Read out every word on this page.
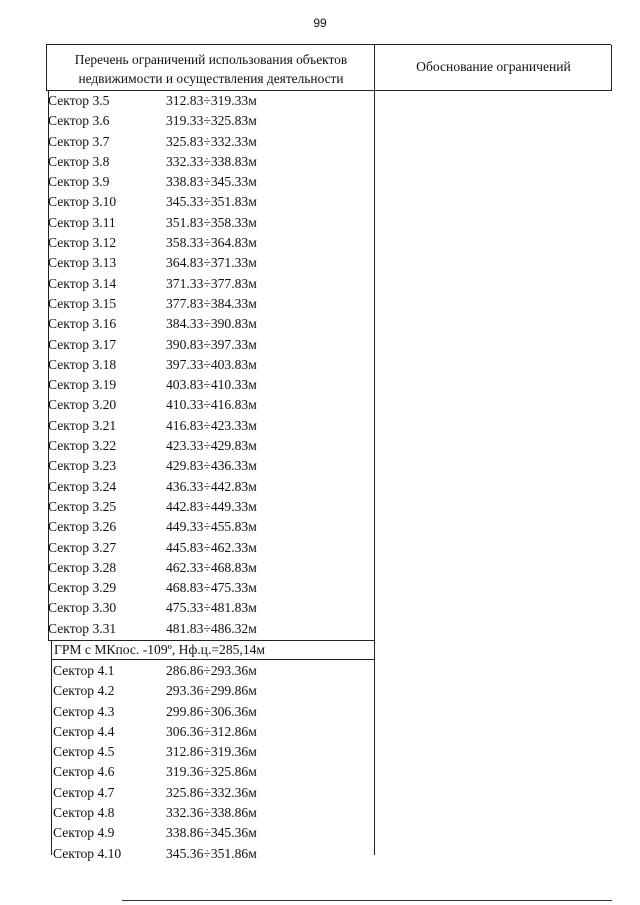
99
Перечень ограничений использования объектов
недвижимости и осуществления деятельности
Обоснование ограничений
Сектор 3.5	312.83÷319.33м
Сектор 3.6	319.33÷325.83м
Сектор 3.7	325.83÷332.33м
Сектор 3.8	332.33÷338.83м
Сектор 3.9	338.83÷345.33м
Сектор 3.10	345.33÷351.83м
Сектор 3.11	351.83÷358.33м
Сектор 3.12	358.33÷364.83м
Сектор 3.13	364.83÷371.33м
Сектор 3.14	371.33÷377.83м
Сектор 3.15	377.83÷384.33м
Сектор 3.16	384.33÷390.83м
Сектор 3.17	390.83÷397.33м
Сектор 3.18	397.33÷403.83м
Сектор 3.19	403.83÷410.33м
Сектор 3.20	410.33÷416.83м
Сектор 3.21	416.83÷423.33м
Сектор 3.22	423.33÷429.83м
Сектор 3.23	429.83÷436.33м
Сектор 3.24	436.33÷442.83м
Сектор 3.25	442.83÷449.33м
Сектор 3.26	449.33÷455.83м
Сектор 3.27	445.83÷462.33м
Сектор 3.28	462.33÷468.83м
Сектор 3.29	468.83÷475.33м
Сектор 3.30	475.33÷481.83м
Сектор 3.31	481.83÷486.32м
ГРМ с МКпос. -109º, Нф.ц.=285,14м
Сектор 4.1	286.86÷293.36м
Сектор 4.2	293.36÷299.86м
Сектор 4.3	299.86÷306.36м
Сектор 4.4	306.36÷312.86м
Сектор 4.5	312.86÷319.36м
Сектор 4.6	319.36÷325.86м
Сектор 4.7	325.86÷332.36м
Сектор 4.8	332.36÷338.86м
Сектор 4.9	338.86÷345.36м
Сектор 4.10	345.36÷351.86м
